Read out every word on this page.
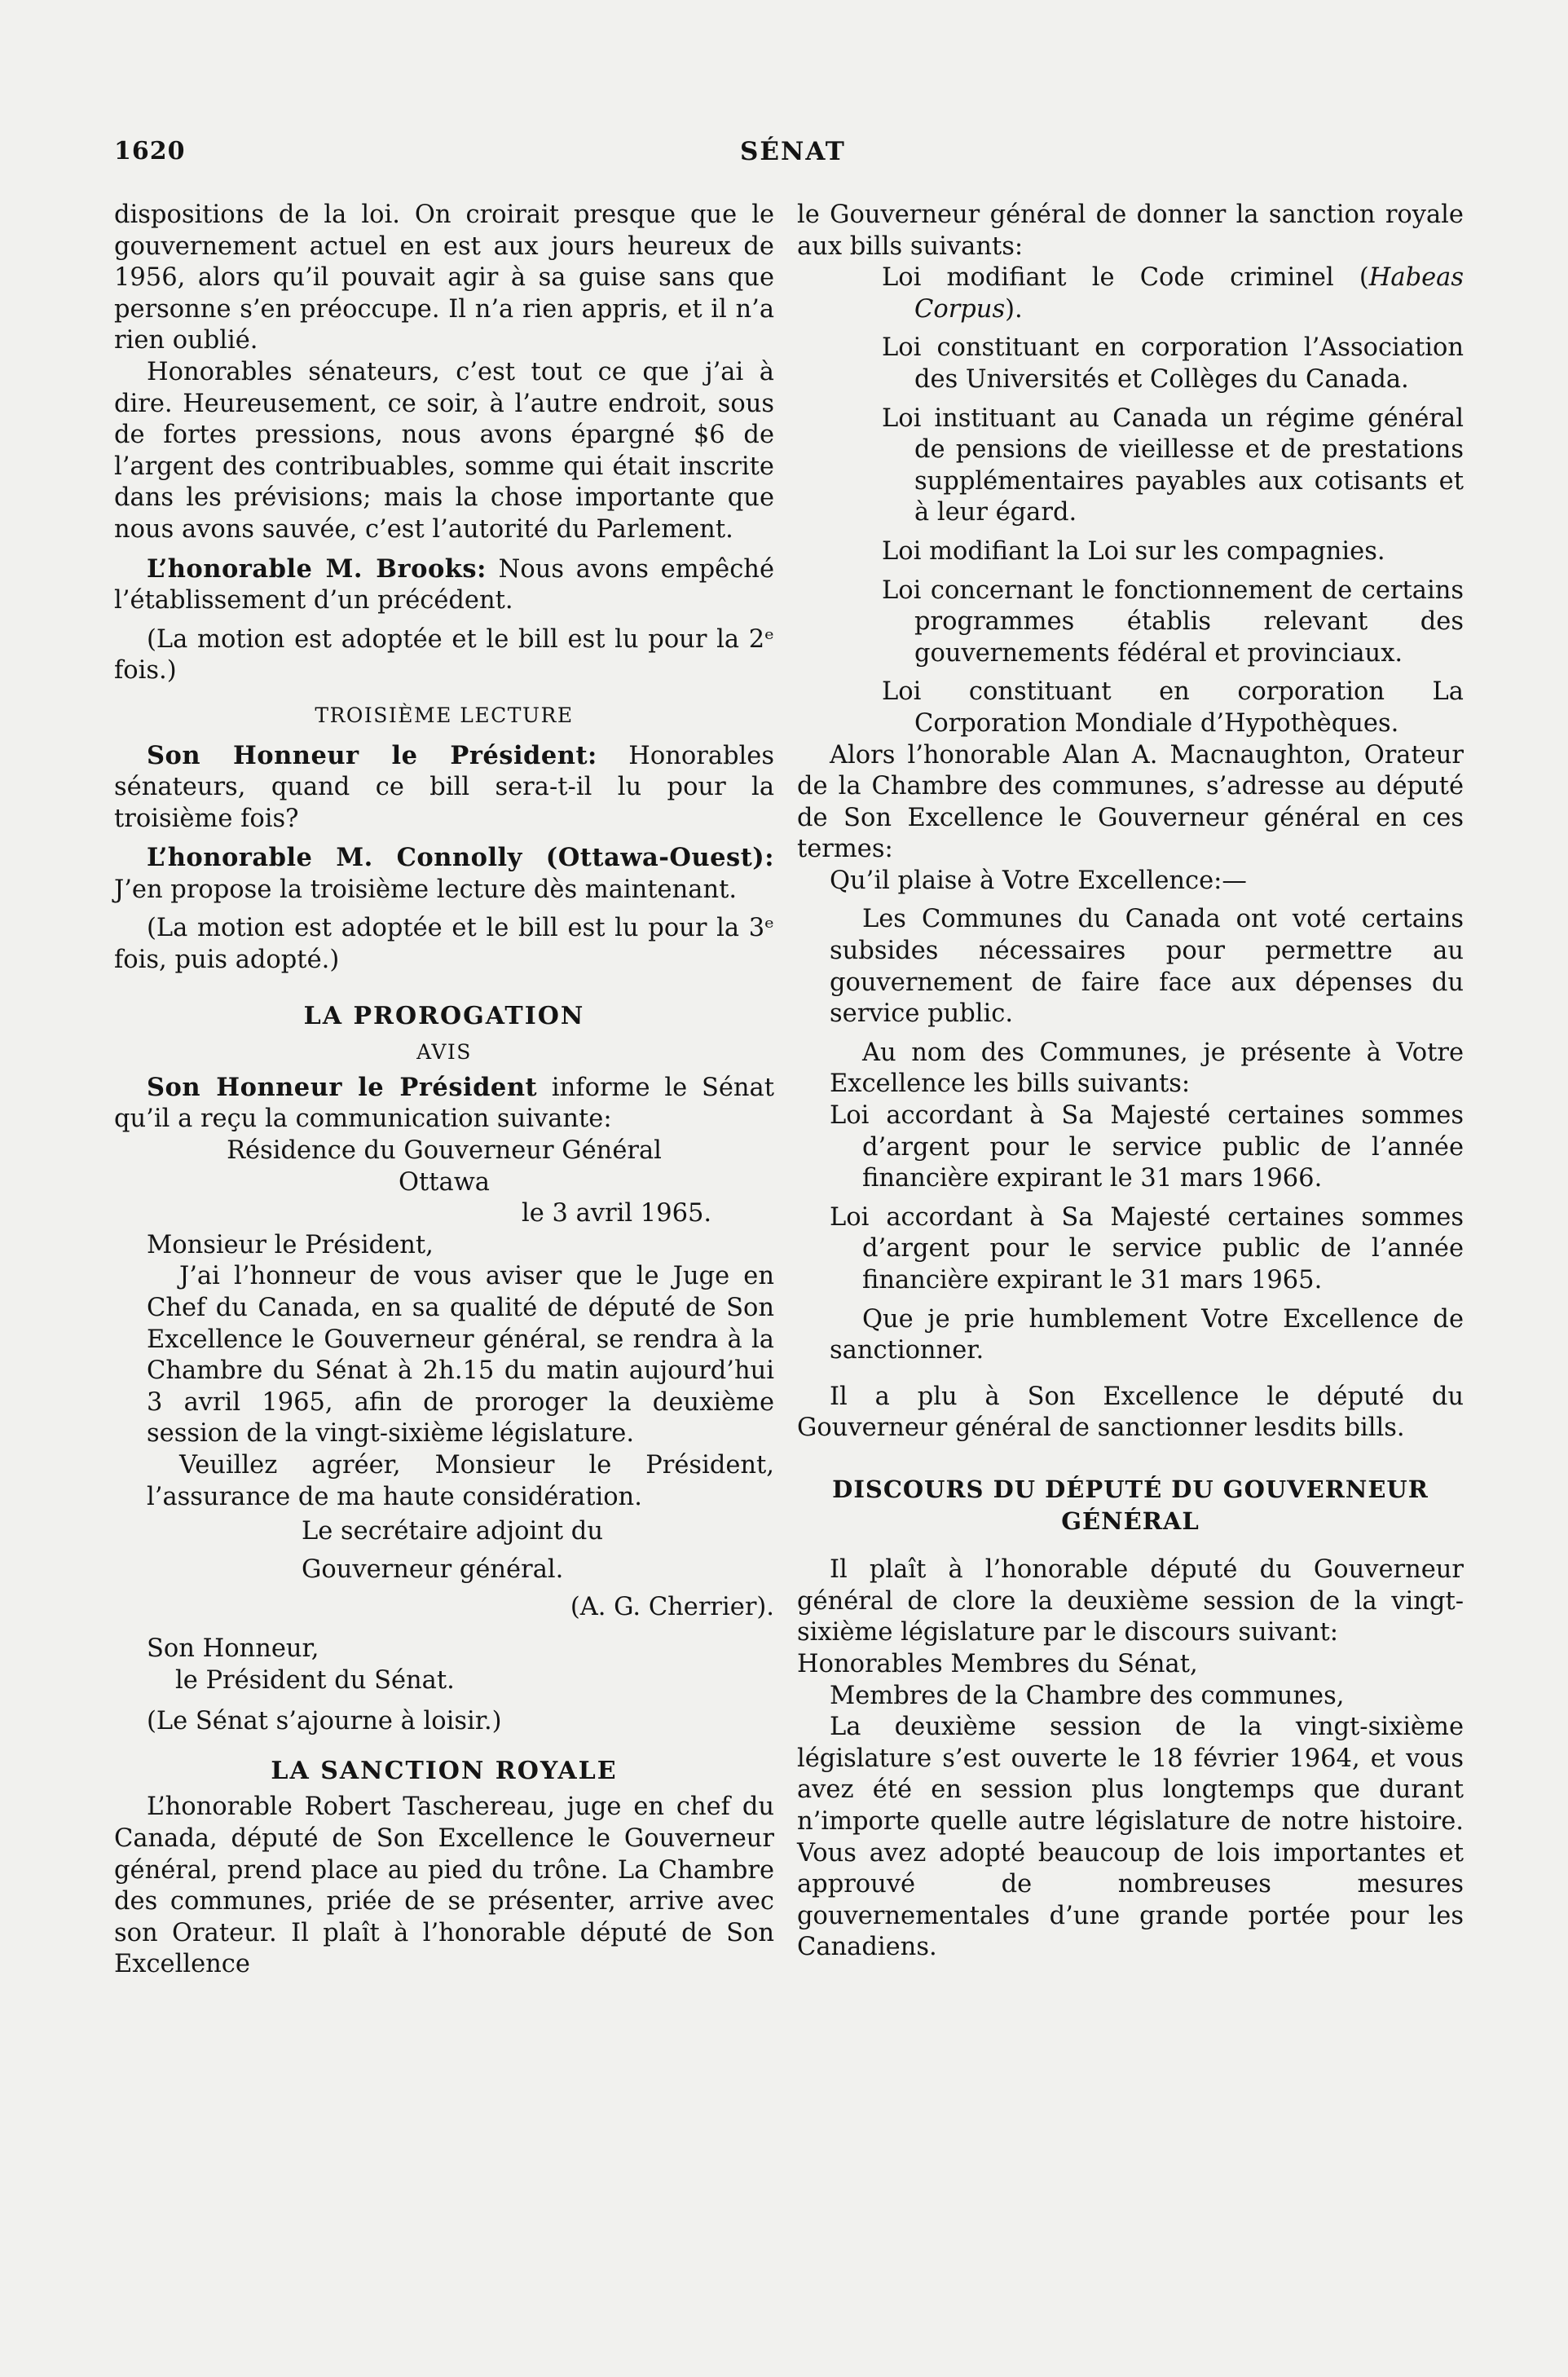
1620	SÉNAT

dispositions de la loi. On croirait presque que le gouvernement actuel en est aux jours heureux de 1956, alors qu’il pouvait agir à sa guise sans que personne s’en préoccupe. Il n’a rien appris, et il n’a rien oublié.

Honorables sénateurs, c’est tout ce que j’ai à dire. Heureusement, ce soir, à l’autre endroit, sous de fortes pressions, nous avons épargné $6 de l’argent des contribuables, somme qui était inscrite dans les prévisions; mais la chose importante que nous avons sauvée, c’est l’autorité du Parlement.

L’honorable M. Brooks: Nous avons empêché l’établissement d’un précédent.

(La motion est adoptée et le bill est lu pour la 2ᵉ fois.)

TROISIÈME LECTURE

Son Honneur le Président: Honorables sénateurs, quand ce bill sera-t-il lu pour la troisième fois?

L’honorable M. Connolly (Ottawa-Ouest): J’en propose la troisième lecture dès maintenant.

(La motion est adoptée et le bill est lu pour la 3ᵉ fois, puis adopté.)

LA PROROGATION
AVIS

Son Honneur le Président informe le Sénat qu’il a reçu la communication suivante:

Résidence du Gouverneur Général
Ottawa
le 3 avril 1965.
Monsieur le Président,

J’ai l’honneur de vous aviser que le Juge en Chef du Canada, en sa qualité de député de Son Excellence le Gouverneur général, se rendra à la Chambre du Sénat à 2h.15 du matin aujourd’hui 3 avril 1965, afin de proroger la deuxième session de la vingt-sixième législature.

Veuillez agréer, Monsieur le Président, l’assurance de ma haute considération.

Le secrétaire adjoint du
Gouverneur général.
(A. G. Cherrier).
Son Honneur,
le Président du Sénat.

(Le Sénat s’ajourne à loisir.)

LA SANCTION ROYALE

L’honorable Robert Taschereau, juge en chef du Canada, député de Son Excellence le Gouverneur général, prend place au pied du trône. La Chambre des communes, priée de se présenter, arrive avec son Orateur. Il plaît à l’honorable député de Son Excellence

le Gouverneur général de donner la sanction royale aux bills suivants:

Loi modifiant le Code criminel (Habeas Corpus).

Loi constituant en corporation l’Association des Universités et Collèges du Canada.

Loi instituant au Canada un régime général de pensions de vieillesse et de prestations supplémentaires payables aux cotisants et à leur égard.

Loi modifiant la Loi sur les compagnies.

Loi concernant le fonctionnement de certains programmes établis relevant des gouvernements fédéral et provinciaux.

Loi constituant en corporation La Corporation Mondiale d’Hypothèques.

Alors l’honorable Alan A. Macnaughton, Orateur de la Chambre des communes, s’adresse au député de Son Excellence le Gouverneur général en ces termes:

Qu’il plaise à Votre Excellence:—

Les Communes du Canada ont voté certains subsides nécessaires pour permettre au gouvernement de faire face aux dépenses du service public.

Au nom des Communes, je présente à Votre Excellence les bills suivants:

Loi accordant à Sa Majesté certaines sommes d’argent pour le service public de l’année financière expirant le 31 mars 1966.

Loi accordant à Sa Majesté certaines sommes d’argent pour le service public de l’année financière expirant le 31 mars 1965.

Que je prie humblement Votre Excellence de sanctionner.

Il a plu à Son Excellence le député du Gouverneur général de sanctionner lesdits bills.

DISCOURS DU DÉPUTÉ DU GOUVERNEUR GÉNÉRAL

Il plaît à l’honorable député du Gouverneur général de clore la deuxième session de la vingt-sixième législature par le discours suivant:

Honorables Membres du Sénat,

Membres de la Chambre des communes,

La deuxième session de la vingt-sixième législature s’est ouverte le 18 février 1964, et vous avez été en session plus longtemps que durant n’importe quelle autre législature de notre histoire. Vous avez adopté beaucoup de lois importantes et approuvé de nombreuses mesures gouvernementales d’une grande portée pour les Canadiens.
